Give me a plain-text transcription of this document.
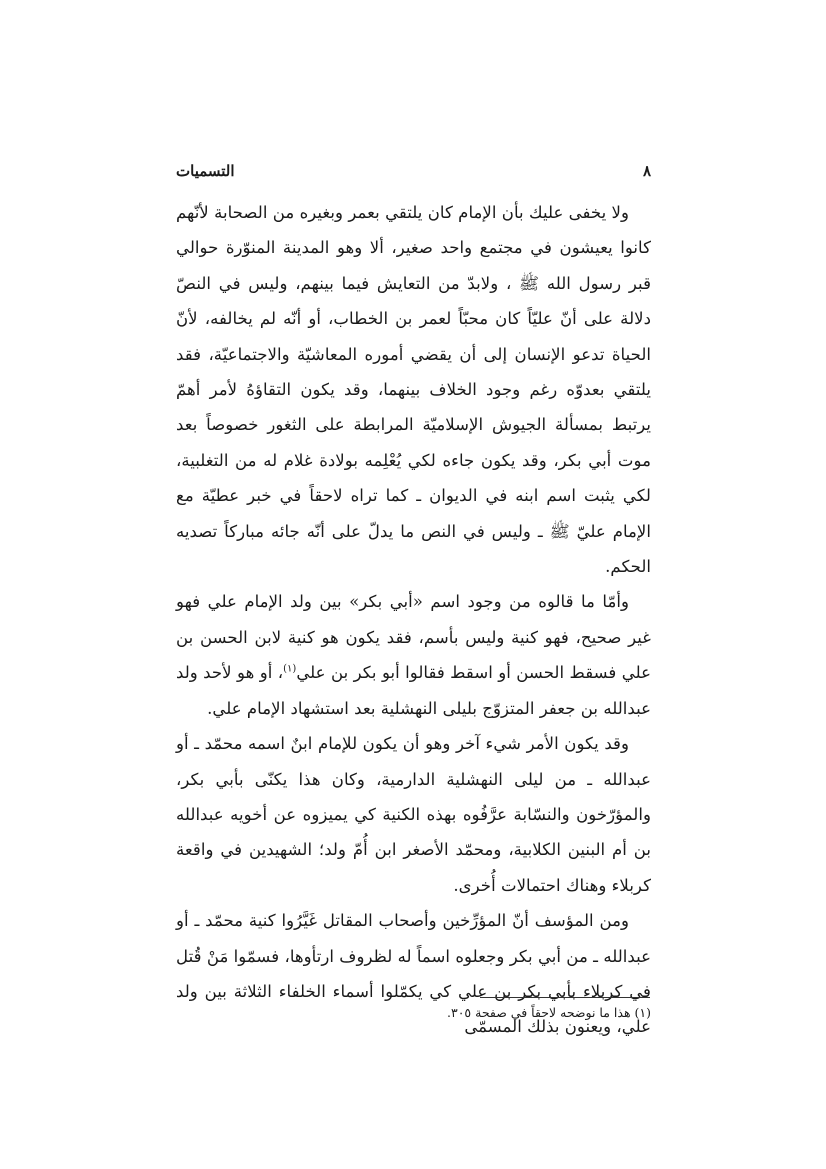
٨
التسميات

ولا يخفى عليك بأن الإمام كان يلتقي بعمر وبغيره من الصحابة لأنّهم كانوا يعيشون في مجتمع واحد صغير، ألا وهو المدينة المنوّرة حوالي قبر رسول الله ﷺ ، ولابدّ من التعايش فيما بينهم، وليس في النصّ دلالة على أنّ عليّاً كان محبّاً لعمر بن الخطاب، أو أنّه لم يخالفه، لأنّ الحياة تدعو الإنسان إلى أن يقضي أموره المعاشيّة والاجتماعيّة، فقد يلتقي بعدوّه رغم وجود الخلاف بينهما، وقد يكون التقاؤهُ لأمر أهمّ يرتبط بمسألة الجيوش الإسلاميّة المرابطة على الثغور خصوصاً بعد موت أبي بكر، وقد يكون جاءه لكي يُعْلِمه بولادة غلام له من التغلبية، لكي يثبت اسم ابنه في الديوان ـ كما تراه لاحقاً في خبر عطيّة مع الإمام عليّ ﷺ ـ وليس في النص ما يدلّ على أنّه جائه مباركاً تصديه الحكم.

وأمّا ما قالوه من وجود اسم «أبي بكر» بين ولد الإمام علي فهو غير صحيح، فهو كنية وليس بأسم، فقد يكون هو كنية لابن الحسن بن علي فسقط الحسن أو اسقط فقالوا أبو بكر بن علي$^{(١)}$، أو هو لأحد ولد عبدالله بن جعفر المتزوّج بليلى النهشلية بعد استشهاد الإمام علي.

وقد يكون الأمر شيء آخر وهو أن يكون للإمام ابنٌ اسمه محمّد ـ أو عبدالله ـ من ليلى النهشلية الدارمية، وكان هذا يكنّى بأبي بكر، والمؤرّخون والنسّابة عرَّفُوه بهذه الكنية كي يميزوه عن أخويه عبدالله بن أم البنين الكلابية، ومحمّد الأصغر ابن أُمّ ولد؛ الشهيدين في واقعة كربلاء وهناك احتمالات أُخرى.

ومن المؤسف أنّ المؤرِّخين وأصحاب المقاتل غَيَّرُوا كنية محمّد ـ أو عبدالله ـ من أبي بكر وجعلوه اسماً له لظروف ارتأوها، فسمّوا مَنْ قُتل في كربلاء بأبي بكر بن علي كي يكمّلوا أسماء الخلفاء الثلاثة بين ولد علي، ويعنون بذلك المسمّى

(١) هذا ما نوضحه لاحقاً في صفحة ٣٠٥.
